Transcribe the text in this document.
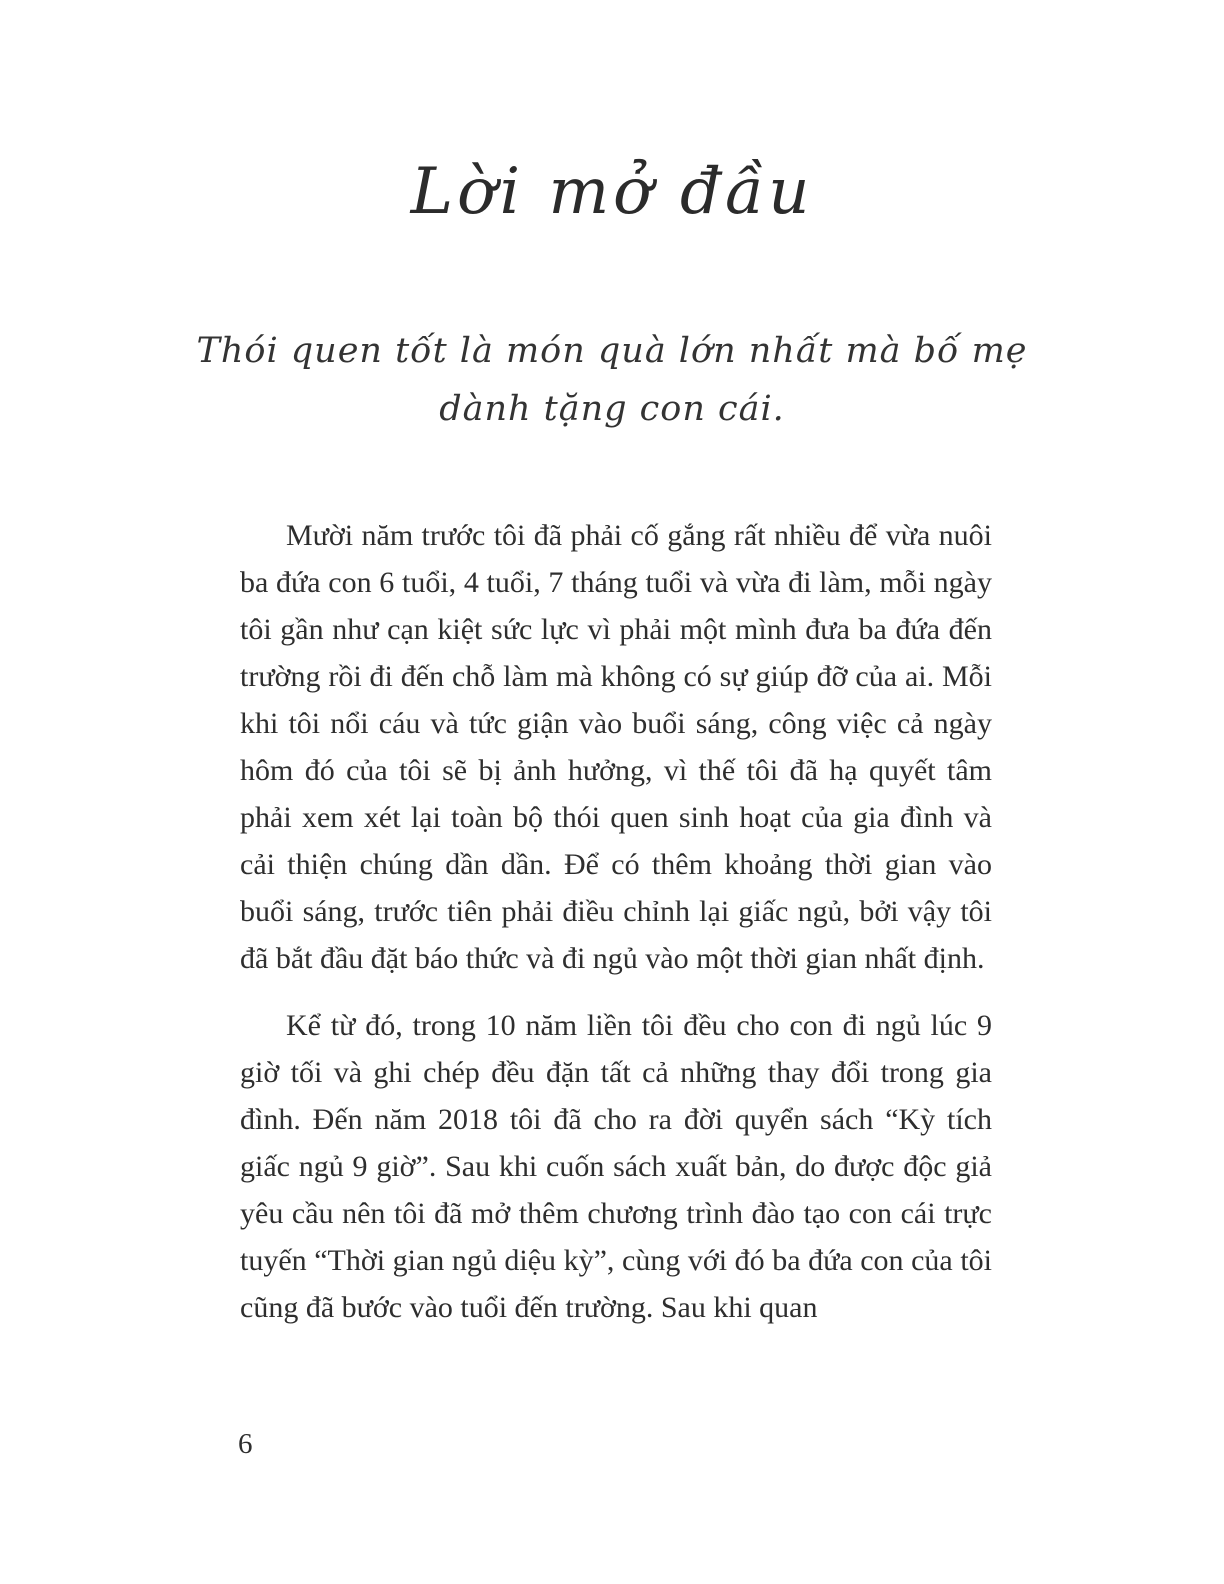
Lời mở đầu
Thói quen tốt là món quà lớn nhất mà bố mẹ
dành tặng con cái.

Mười năm trước tôi đã phải cố gắng rất nhiều để vừa nuôi ba đứa con 6 tuổi, 4 tuổi, 7 tháng tuổi và vừa đi làm, mỗi ngày tôi gần như cạn kiệt sức lực vì phải một mình đưa ba đứa đến trường rồi đi đến chỗ làm mà không có sự giúp đỡ của ai. Mỗi khi tôi nổi cáu và tức giận vào buổi sáng, công việc cả ngày hôm đó của tôi sẽ bị ảnh hưởng, vì thế tôi đã hạ quyết tâm phải xem xét lại toàn bộ thói quen sinh hoạt của gia đình và cải thiện chúng dần dần. Để có thêm khoảng thời gian vào buổi sáng, trước tiên phải điều chỉnh lại giấc ngủ, bởi vậy tôi đã bắt đầu đặt báo thức và đi ngủ vào một thời gian nhất định.

Kể từ đó, trong 10 năm liền tôi đều cho con đi ngủ lúc 9 giờ tối và ghi chép đều đặn tất cả những thay đổi trong gia đình. Đến năm 2018 tôi đã cho ra đời quyển sách “Kỳ tích giấc ngủ 9 giờ”. Sau khi cuốn sách xuất bản, do được độc giả yêu cầu nên tôi đã mở thêm chương trình đào tạo con cái trực tuyến “Thời gian ngủ diệu kỳ”, cùng với đó ba đứa con của tôi cũng đã bước vào tuổi đến trường. Sau khi quan

6
